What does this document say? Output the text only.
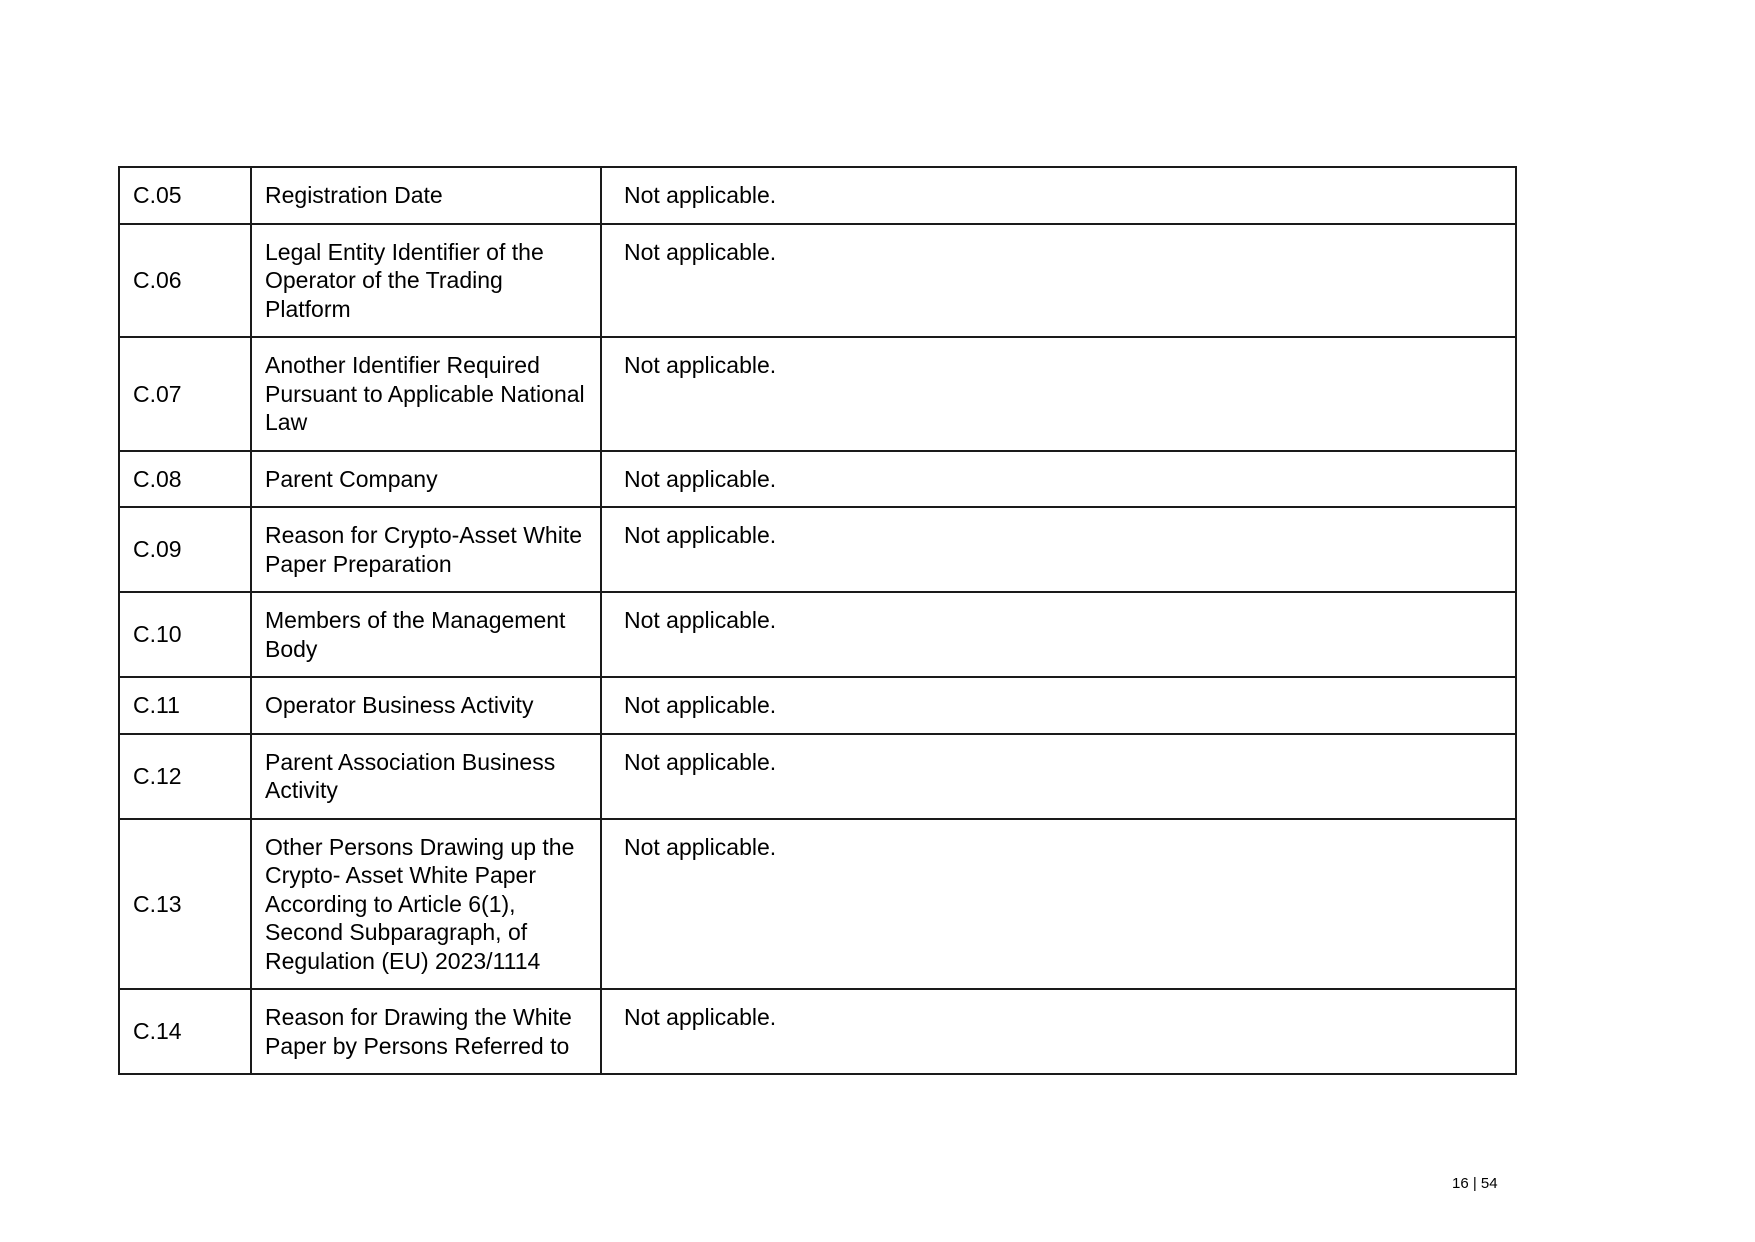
C.05	Registration Date	Not applicable.
C.06	Legal Entity Identifier of the Operator of the Trading Platform	Not applicable.
C.07	Another Identifier Required Pursuant to Applicable National Law	Not applicable.
C.08	Parent Company	Not applicable.
C.09	Reason for Crypto-Asset White Paper Preparation	Not applicable.
C.10	Members of the Management Body	Not applicable.
C.11	Operator Business Activity	Not applicable.
C.12	Parent Association Business Activity	Not applicable.
C.13	Other Persons Drawing up the Crypto- Asset White Paper According to Article 6(1), Second Subparagraph, of Regulation (EU) 2023/1114	Not applicable.
C.14	Reason for Drawing the White Paper by Persons Referred to	Not applicable.
16 | 54
